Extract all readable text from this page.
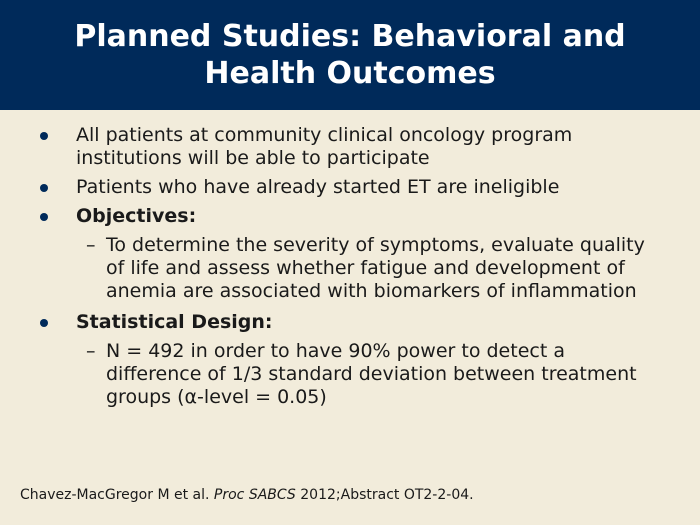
Planned Studies: Behavioral and Health Outcomes
All patients at community clinical oncology program institutions will be able to participate
Patients who have already started ET are ineligible
Objectives:
– To determine the severity of symptoms, evaluate quality of life and assess whether fatigue and development of anemia are associated with biomarkers of inflammation
Statistical Design:
– N = 492 in order to have 90% power to detect a difference of 1/3 standard deviation between treatment groups (α-level = 0.05)
Chavez-MacGregor M et al. Proc SABCS 2012;Abstract OT2-2-04.
